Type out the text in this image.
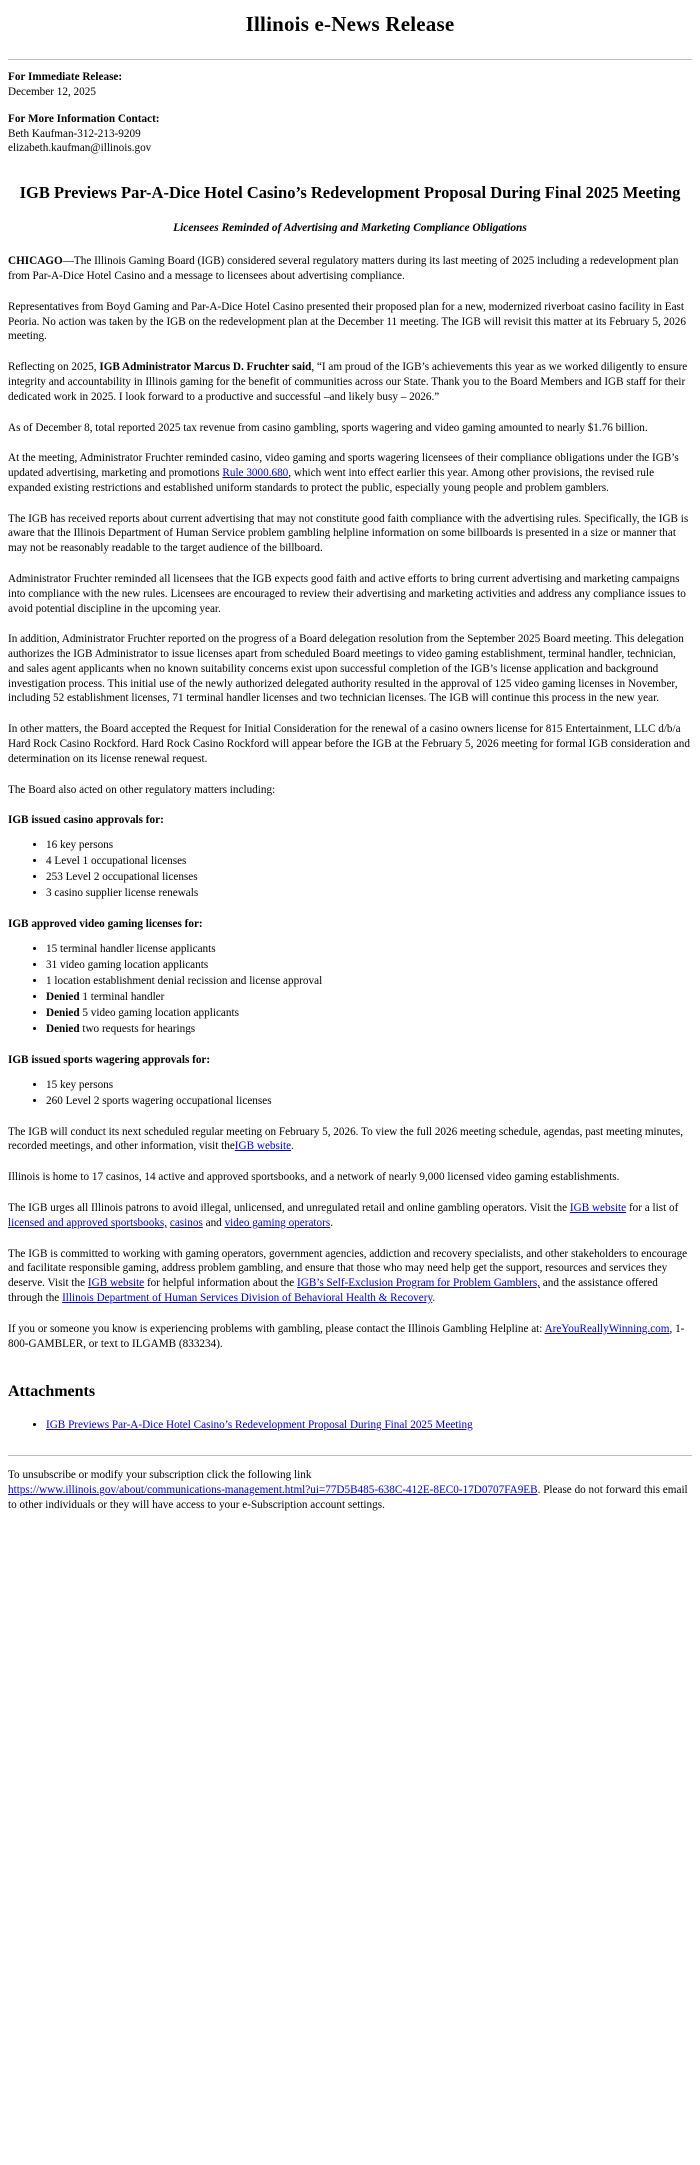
Illinois e-News Release
For Immediate Release:
December 12, 2025
For More Information Contact:
Beth Kaufman-312-213-9209
elizabeth.kaufman@illinois.gov
IGB Previews Par-A-Dice Hotel Casino’s Redevelopment Proposal During Final 2025 Meeting
Licensees Reminded of Advertising and Marketing Compliance Obligations

CHICAGO—The Illinois Gaming Board (IGB) considered several regulatory matters during its last meeting of 2025 including a redevelopment plan from Par-A-Dice Hotel Casino and a message to licensees about advertising compliance.

Representatives from Boyd Gaming and Par-A-Dice Hotel Casino presented their proposed plan for a new, modernized riverboat casino facility in East Peoria. No action was taken by the IGB on the redevelopment plan at the December 11 meeting. The IGB will revisit this matter at its February 5, 2026 meeting.

Reflecting on 2025, IGB Administrator Marcus D. Fruchter said, “I am proud of the IGB’s achievements this year as we worked diligently to ensure integrity and accountability in Illinois gaming for the benefit of communities across our State. Thank you to the Board Members and IGB staff for their dedicated work in 2025. I look forward to a productive and successful –and likely busy – 2026.”

As of December 8, total reported 2025 tax revenue from casino gambling, sports wagering and video gaming amounted to nearly $1.76 billion.

At the meeting, Administrator Fruchter reminded casino, video gaming and sports wagering licensees of their compliance obligations under the IGB’s updated advertising, marketing and promotions Rule 3000.680, which went into effect earlier this year. Among other provisions, the revised rule expanded existing restrictions and established uniform standards to protect the public, especially young people and problem gamblers.

The IGB has received reports about current advertising that may not constitute good faith compliance with the advertising rules. Specifically, the IGB is aware that the Illinois Department of Human Service problem gambling helpline information on some billboards is presented in a size or manner that may not be reasonably readable to the target audience of the billboard.

Administrator Fruchter reminded all licensees that the IGB expects good faith and active efforts to bring current advertising and marketing campaigns into compliance with the new rules. Licensees are encouraged to review their advertising and marketing activities and address any compliance issues to avoid potential discipline in the upcoming year.

In addition, Administrator Fruchter reported on the progress of a Board delegation resolution from the September 2025 Board meeting. This delegation authorizes the IGB Administrator to issue licenses apart from scheduled Board meetings to video gaming establishment, terminal handler, technician, and sales agent applicants when no known suitability concerns exist upon successful completion of the IGB’s license application and background investigation process. This initial use of the newly authorized delegated authority resulted in the approval of 125 video gaming licenses in November, including 52 establishment licenses, 71 terminal handler licenses and two technician licenses. The IGB will continue this process in the new year.

In other matters, the Board accepted the Request for Initial Consideration for the renewal of a casino owners license for 815 Entertainment, LLC d/b/a Hard Rock Casino Rockford. Hard Rock Casino Rockford will appear before the IGB at the February 5, 2026 meeting for formal IGB consideration and determination on its license renewal request.

The Board also acted on other regulatory matters including:

IGB issued casino approvals for:
• 16 key persons
• 4 Level 1 occupational licenses
• 253 Level 2 occupational licenses
• 3 casino supplier license renewals
IGB approved video gaming licenses for:
• 15 terminal handler license applicants
• 31 video gaming location applicants
• 1 location establishment denial recission and license approval
• Denied 1 terminal handler
• Denied 5 video gaming location applicants
• Denied two requests for hearings
IGB issued sports wagering approvals for:
• 15 key persons
• 260 Level 2 sports wagering occupational licenses

The IGB will conduct its next scheduled regular meeting on February 5, 2026. To view the full 2026 meeting schedule, agendas, past meeting minutes, recorded meetings, and other information, visit theIGB website.

Illinois is home to 17 casinos, 14 active and approved sportsbooks, and a network of nearly 9,000 licensed video gaming establishments.

The IGB urges all Illinois patrons to avoid illegal, unlicensed, and unregulated retail and online gambling operators. Visit the IGB website for a list of licensed and approved sportsbooks, casinos and video gaming operators.

The IGB is committed to working with gaming operators, government agencies, addiction and recovery specialists, and other stakeholders to encourage and facilitate responsible gaming, address problem gambling, and ensure that those who may need help get the support, resources and services they deserve. Visit the IGB website for helpful information about the IGB’s Self-Exclusion Program for Problem Gamblers, and the assistance offered through the Illinois Department of Human Services Division of Behavioral Health & Recovery.

If you or someone you know is experiencing problems with gambling, please contact the Illinois Gambling Helpline at: AreYouReallyWinning.com, 1-800-GAMBLER, or text to ILGAMB (833234).

Attachments
• IGB Previews Par-A-Dice Hotel Casino’s Redevelopment Proposal During Final 2025 Meeting

To unsubscribe or modify your subscription click the following link
https://www.illinois.gov/about/communications-management.html?ui=77D5B485-638C-412E-8EC0-17D0707FA9EB. Please do not forward this email to other individuals or they will have access to your e-Subscription account settings.
